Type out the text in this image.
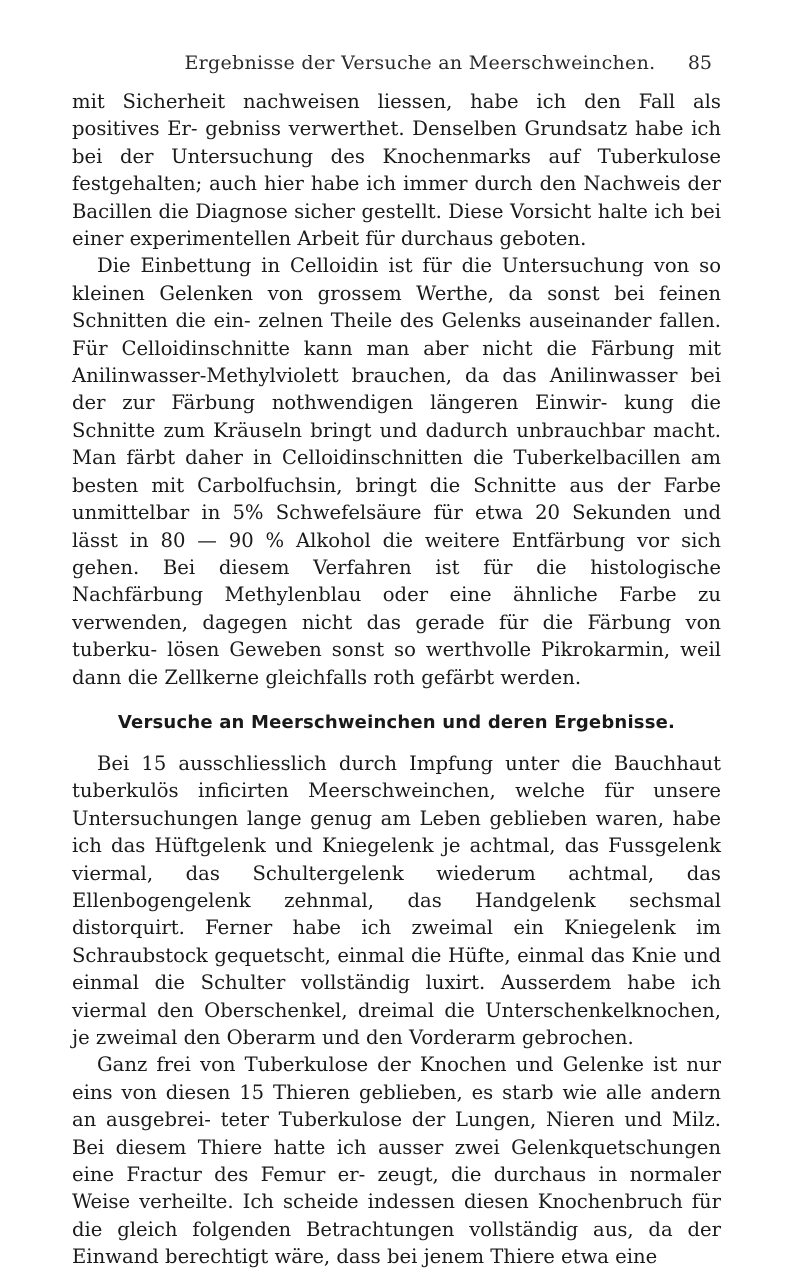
Ergebnisse der Versuche an Meerschweinchen. 85

mit Sicherheit nachweisen liessen, habe ich den Fall als positives Er- gebniss verwerthet. Denselben Grundsatz habe ich bei der Untersuchung des Knochenmarks auf Tuberkulose festgehalten; auch hier habe ich immer durch den Nachweis der Bacillen die Diagnose sicher gestellt. Diese Vorsicht halte ich bei einer experimentellen Arbeit für durchaus geboten.

Die Einbettung in Celloidin ist für die Untersuchung von so kleinen Gelenken von grossem Werthe, da sonst bei feinen Schnitten die ein- zelnen Theile des Gelenks auseinander fallen. Für Celloidinschnitte kann man aber nicht die Färbung mit Anilinwasser-Methylviolett brauchen, da das Anilinwasser bei der zur Färbung nothwendigen längeren Einwir- kung die Schnitte zum Kräuseln bringt und dadurch unbrauchbar macht. Man färbt daher in Celloidinschnitten die Tuberkelbacillen am besten mit Carbolfuchsin, bringt die Schnitte aus der Farbe unmittelbar in 5% Schwefelsäure für etwa 20 Sekunden und lässt in 80 — 90 % Alkohol die weitere Entfärbung vor sich gehen. Bei diesem Verfahren ist für die histologische Nachfärbung Methylenblau oder eine ähnliche Farbe zu verwenden, dagegen nicht das gerade für die Färbung von tuberku- lösen Geweben sonst so werthvolle Pikrokarmin, weil dann die Zellkerne gleichfalls roth gefärbt werden.

Versuche an Meerschweinchen und deren Ergebnisse.

Bei 15 ausschliesslich durch Impfung unter die Bauchhaut tuberkulös inficirten Meerschweinchen, welche für unsere Untersuchungen lange genug am Leben geblieben waren, habe ich das Hüftgelenk und Kniegelenk je achtmal, das Fussgelenk viermal, das Schultergelenk wiederum achtmal, das Ellenbogengelenk zehnmal, das Handgelenk sechsmal distorquirt. Ferner habe ich zweimal ein Kniegelenk im Schraubstock gequetscht, einmal die Hüfte, einmal das Knie und einmal die Schulter vollständig luxirt. Ausserdem habe ich viermal den Oberschenkel, dreimal die Unterschenkelknochen, je zweimal den Oberarm und den Vorderarm gebrochen.

Ganz frei von Tuberkulose der Knochen und Gelenke ist nur eins von diesen 15 Thieren geblieben, es starb wie alle andern an ausgebrei- teter Tuberkulose der Lungen, Nieren und Milz. Bei diesem Thiere hatte ich ausser zwei Gelenkquetschungen eine Fractur des Femur er- zeugt, die durchaus in normaler Weise verheilte. Ich scheide indessen diesen Knochenbruch für die gleich folgenden Betrachtungen vollständig aus, da der Einwand berechtigt wäre, dass bei jenem Thiere etwa eine
